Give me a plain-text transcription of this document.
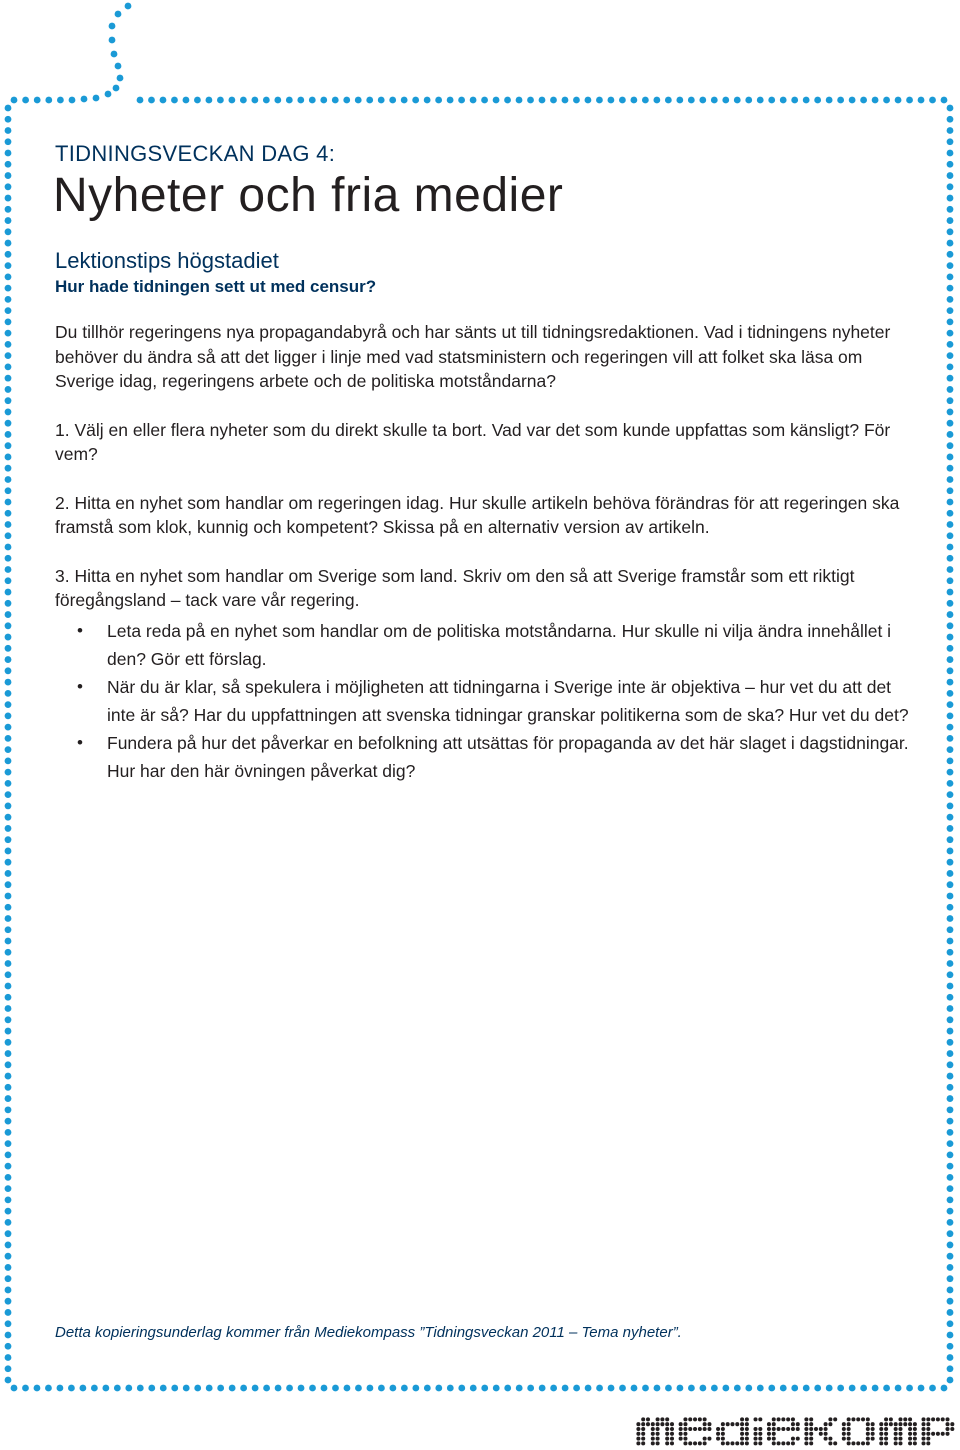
TIDNINGSVECKAN DAG 4:

Nyheter och fria medier

Lektionstips högstadiet

Hur hade tidningen sett ut med censur?

Du tillhör regeringens nya propagandabyrå och har sänts ut till tidningsredaktionen. Vad i tidningens nyheter behöver du ändra så att det ligger i linje med vad statsministern och regeringen vill att folket ska läsa om Sverige idag, regeringens arbete och de politiska motståndarna?

1. Välj en eller flera nyheter som du direkt skulle ta bort. Vad var det som kunde uppfattas som känsligt? För vem?

2. Hitta en nyhet som handlar om regeringen idag. Hur skulle artikeln behöva förändras för att regeringen ska framstå som klok, kunnig och kompetent? Skissa på en alternativ version av artikeln.

3. Hitta en nyhet som handlar om Sverige som land. Skriv om den så att Sverige framstår som ett riktigt föregångsland – tack vare vår regering.

• Leta reda på en nyhet som handlar om de politiska motståndarna. Hur skulle ni vilja ändra innehållet i den? Gör ett förslag.
• När du är klar, så spekulera i möjligheten att tidningarna i Sverige inte är objektiva – hur vet du att det inte är så? Har du uppfattningen att svenska tidningar granskar politikerna som de ska? Hur vet du det?
• Fundera på hur det påverkar en befolkning att utsättas för propaganda av det här slaget i dagstidningar. Hur har den här övningen påverkat dig?

Detta kopieringsunderlag kommer från Mediekompass ”Tidningsveckan 2011 – Tema nyheter”.
